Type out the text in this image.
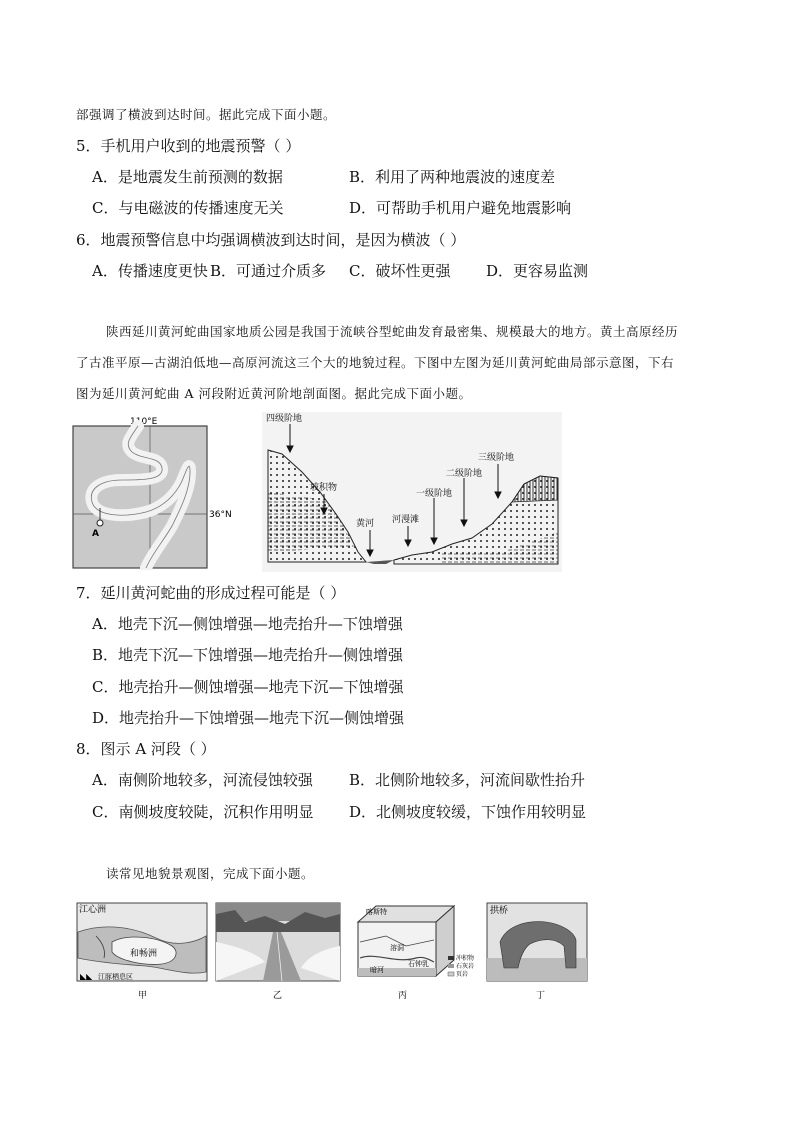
部强调了横波到达时间。据此完成下面小题。
5．手机用户收到的地震预警（ ）
A．是地震发生前预测的数据	B．利用了两种地震波的速度差
C．与电磁波的传播速度无关	D．可帮助手机用户避免地震影响
6．地震预警信息中均强调横波到达时间，是因为横波（ ）
A．传播速度更快 B．可通过介质多 C．破坏性更强 D．更容易监测
陕西延川黄河蛇曲国家地质公园是我国于流峡谷型蛇曲发育最密集、规模最大的地方。黄土高原经历
了古准平原—古湖泊低地—高原河流这三个大的地貌过程。下图中左图为延川黄河蛇曲局部示意图，下右
图为延川黄河蛇曲 A 河段附近黄河阶地剖面图。据此完成下面小题。
110°E
36°N
A
四级阶地
坡积物
黄河 河漫滩
一级阶地
二级阶地
三级阶地
7．延川黄河蛇曲的形成过程可能是（ ）
A．地壳下沉—侧蚀增强—地壳抬升—下蚀增强
B．地壳下沉—下蚀增强—地壳抬升—侧蚀增强
C．地壳抬升—侧蚀增强—地壳下沉—下蚀增强
D．地壳抬升—下蚀增强—地壳下沉—侧蚀增强
8．图示 A 河段（ ）
A．南侧阶地较多，河流侵蚀较强 B．北侧阶地较多，河流间歇性抬升
C．南侧坡度较陡，沉积作用明显 D．北侧坡度较缓，下蚀作用较明显
读常见地貌景观图，完成下面小题。
江心洲
和畅洲
◣◣ 江豚栖息区
甲	乙
喀斯特
溶洞
暗河
石钟乳
冲积物
石灰岩
页岩
丙
拱桥
丁
